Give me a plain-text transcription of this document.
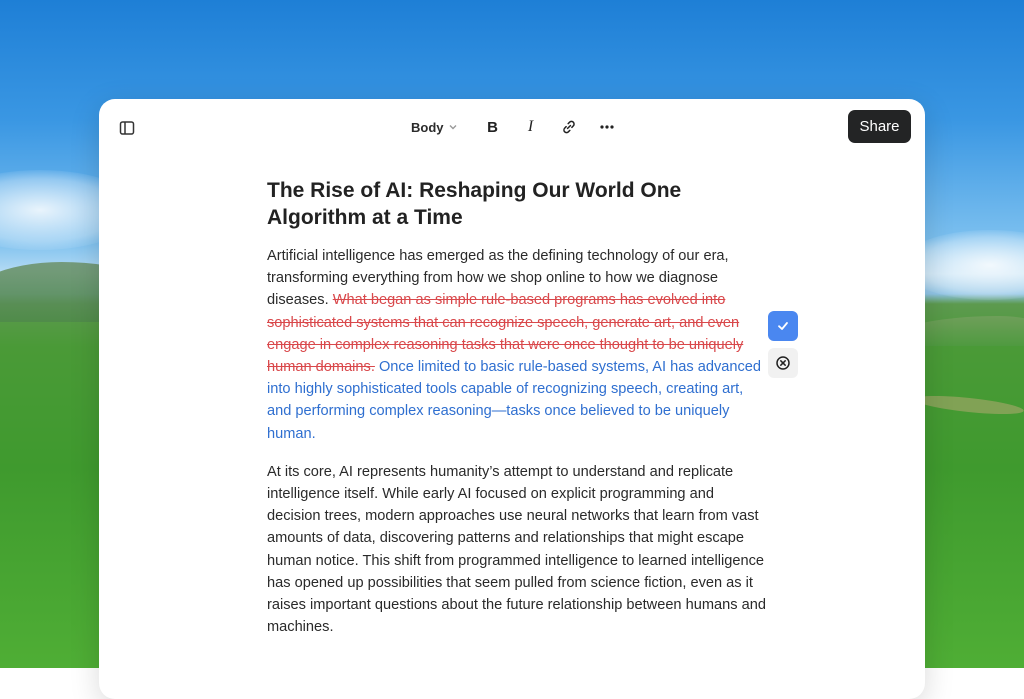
Body	B	I	Share
The Rise of AI: Reshaping Our World One Algorithm at a Time

Artificial intelligence has emerged as the defining technology of our era, transforming everything from how we shop online to how we diagnose diseases. What began as simple rule-based programs has evolved into sophisticated systems that can recognize speech, generate art, and even engage in complex reasoning tasks that were once thought to be uniquely human domains. Once limited to basic rule-based systems, AI has advanced into highly sophisticated tools capable of recognizing speech, creating art, and performing complex reasoning—tasks once believed to be uniquely human.

At its core, AI represents humanity’s attempt to understand and replicate intelligence itself. While early AI focused on explicit programming and decision trees, modern approaches use neural networks that learn from vast amounts of data, discovering patterns and relationships that might escape human notice. This shift from programmed intelligence to learned intelligence has opened up possibilities that seem pulled from science fiction, even as it raises important questions about the future relationship between humans and machines.
